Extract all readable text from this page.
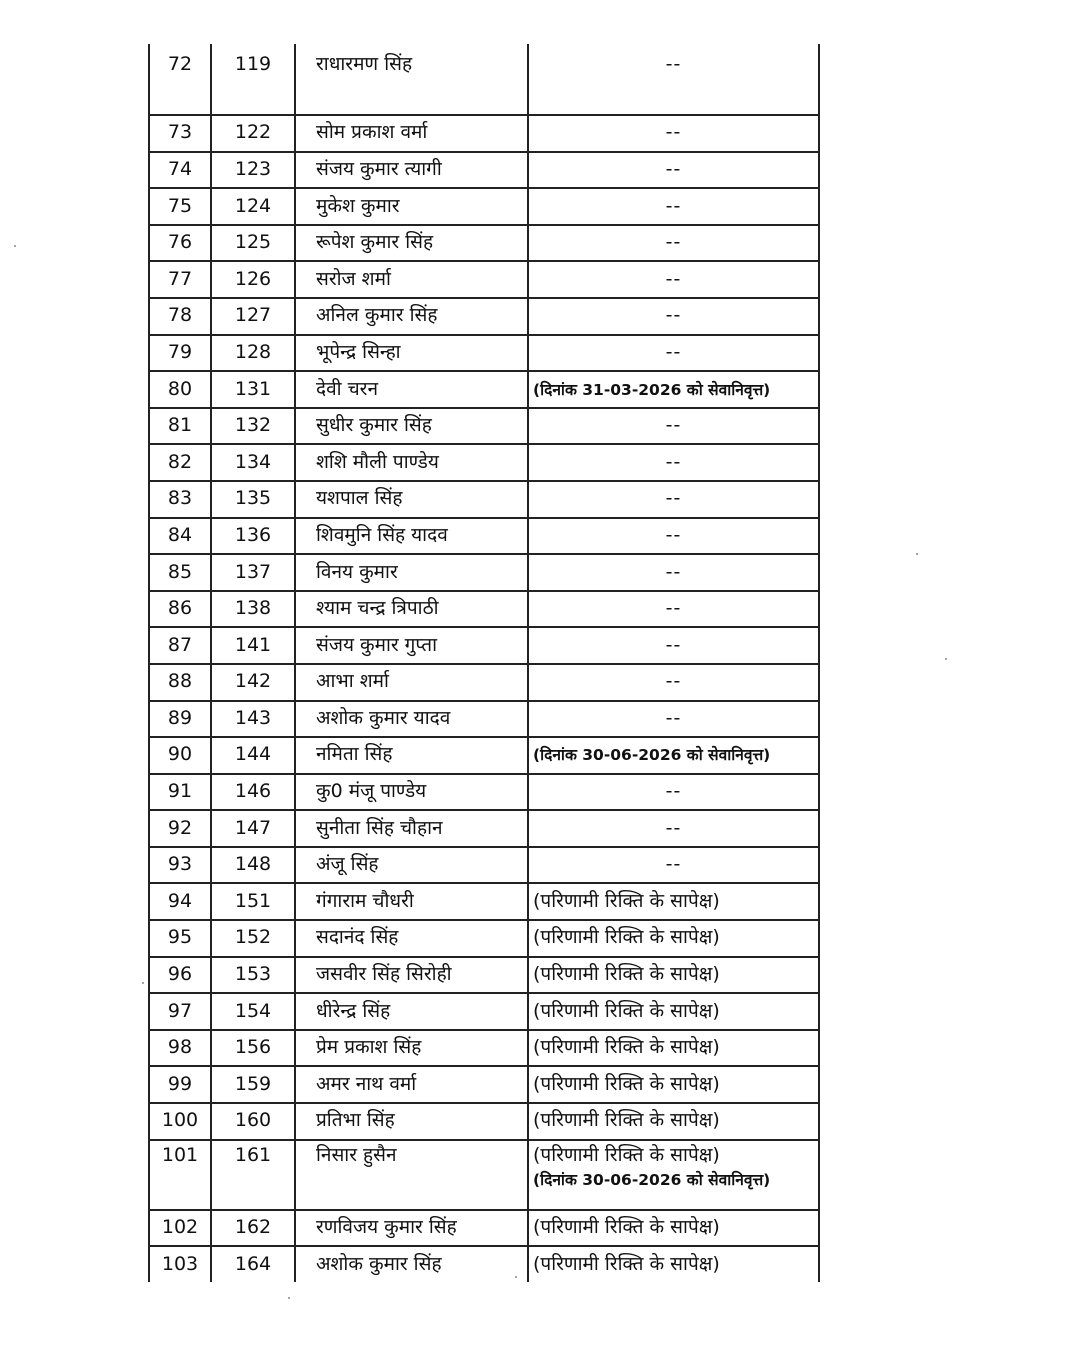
72	119	राधारमण सिंह	--
73	122	सोम प्रकाश वर्मा	--
74	123	संजय कुमार त्यागी	--
75	124	मुकेश कुमार	--
76	125	रूपेश कुमार सिंह	--
77	126	सरोज शर्मा	--
78	127	अनिल कुमार सिंह	--
79	128	भूपेन्द्र सिन्हा	--
80	131	देवी चरन	(दिनांक 31-03-2026 को सेवानिवृत्त)
81	132	सुधीर कुमार सिंह	--
82	134	शशि मौली पाण्डेय	--
83	135	यशपाल सिंह	--
84	136	शिवमुनि सिंह यादव	--
85	137	विनय कुमार	--
86	138	श्याम चन्द्र त्रिपाठी	--
87	141	संजय कुमार गुप्ता	--
88	142	आभा शर्मा	--
89	143	अशोक कुमार यादव	--
90	144	नमिता सिंह	(दिनांक 30-06-2026 को सेवानिवृत्त)
91	146	कु0 मंजू पाण्डेय	--
92	147	सुनीता सिंह चौहान	--
93	148	अंजू सिंह	--
94	151	गंगाराम चौधरी	(परिणामी रिक्ति के सापेक्ष)
95	152	सदानंद सिंह	(परिणामी रिक्ति के सापेक्ष)
96	153	जसवीर सिंह सिरोही	(परिणामी रिक्ति के सापेक्ष)
97	154	धीरेन्द्र सिंह	(परिणामी रिक्ति के सापेक्ष)
98	156	प्रेम प्रकाश सिंह	(परिणामी रिक्ति के सापेक्ष)
99	159	अमर नाथ वर्मा	(परिणामी रिक्ति के सापेक्ष)
100	160	प्रतिभा सिंह	(परिणामी रिक्ति के सापेक्ष)
101	161	निसार हुसैन	(परिणामी रिक्ति के सापेक्ष)
(दिनांक 30-06-2026 को सेवानिवृत्त)

102	162	रणविजय कुमार सिंह	(परिणामी रिक्ति के सापेक्ष)
103	164	अशोक कुमार सिंह	(परिणामी रिक्ति के सापेक्ष)
